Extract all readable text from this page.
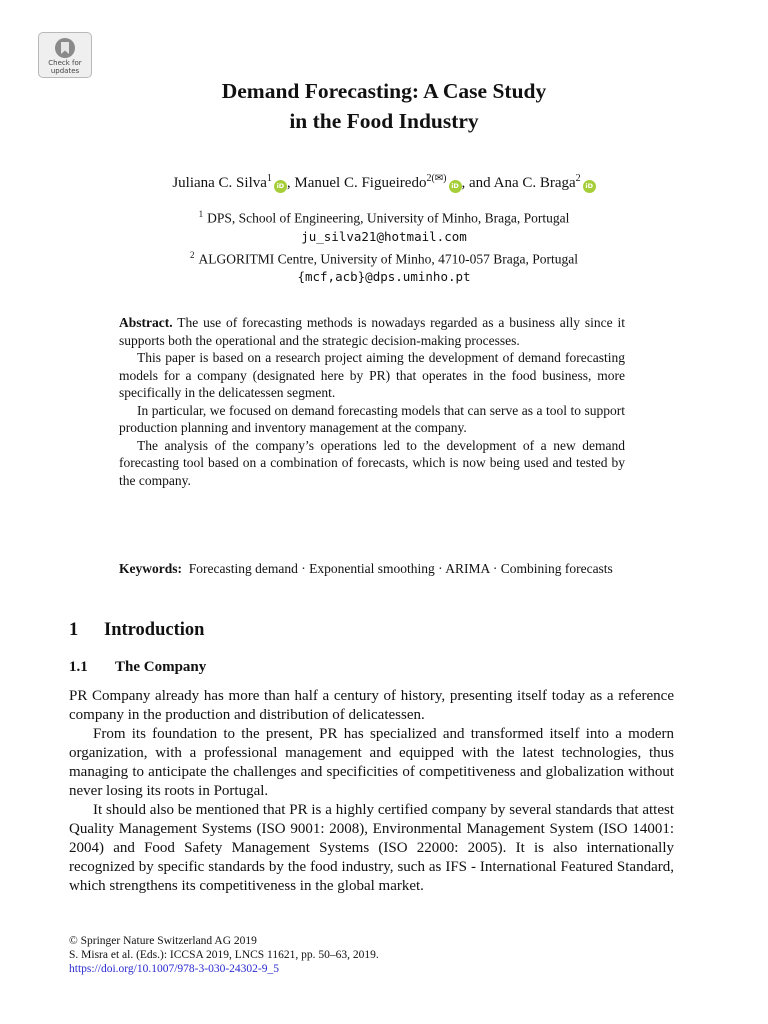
Check for
updates
Demand Forecasting: A Case Study
in the Food Industry
Juliana C. Silva$^1$iD , Manuel C. Figueiredo$^{2(✉)}$iD , and Ana C. Braga$^2$iD
$^1$ DPS, School of Engineering, University of Minho, Braga, Portugal
ju_silva21@hotmail.com
$^2$ ALGORITMI Centre, University of Minho, 4710-057 Braga, Portugal
{mcf,acb}@dps.uminho.pt

Abstract. The use of forecasting methods is nowadays regarded as a business ally since it supports both the operational and the strategic decision-making processes.

This paper is based on a research project aiming the development of demand forecasting models for a company (designated here by PR) that operates in the food business, more specifically in the delicatessen segment.

In particular, we focused on demand forecasting models that can serve as a tool to support production planning and inventory management at the company.

The analysis of the company’s operations led to the development of a new demand forecasting tool based on a combination of forecasts, which is now being used and tested by the company.

Keywords: Forecasting demand · Exponential smoothing · ARIMA · Combining forecasts
1 Introduction
1.1 The Company

PR Company already has more than half a century of history, presenting itself today as a reference company in the production and distribution of delicatessen.

From its foundation to the present, PR has specialized and transformed itself into a modern organization, with a professional management and equipped with the latest technologies, thus managing to anticipate the challenges and specificities of competitiveness and globalization without never losing its roots in Portugal.

It should also be mentioned that PR is a highly certified company by several standards that attest Quality Management Systems (ISO 9001: 2008), Environmental Management System (ISO 14001: 2004) and Food Safety Management Systems (ISO 22000: 2005). It is also internationally recognized by specific standards by the food industry, such as IFS - International Featured Standard, which strengthens its competitiveness in the global market.

© Springer Nature Switzerland AG 2019
S. Misra et al. (Eds.): ICCSA 2019, LNCS 11621, pp. 50–63, 2019.
https://doi.org/10.1007/978-3-030-24302-9_5
